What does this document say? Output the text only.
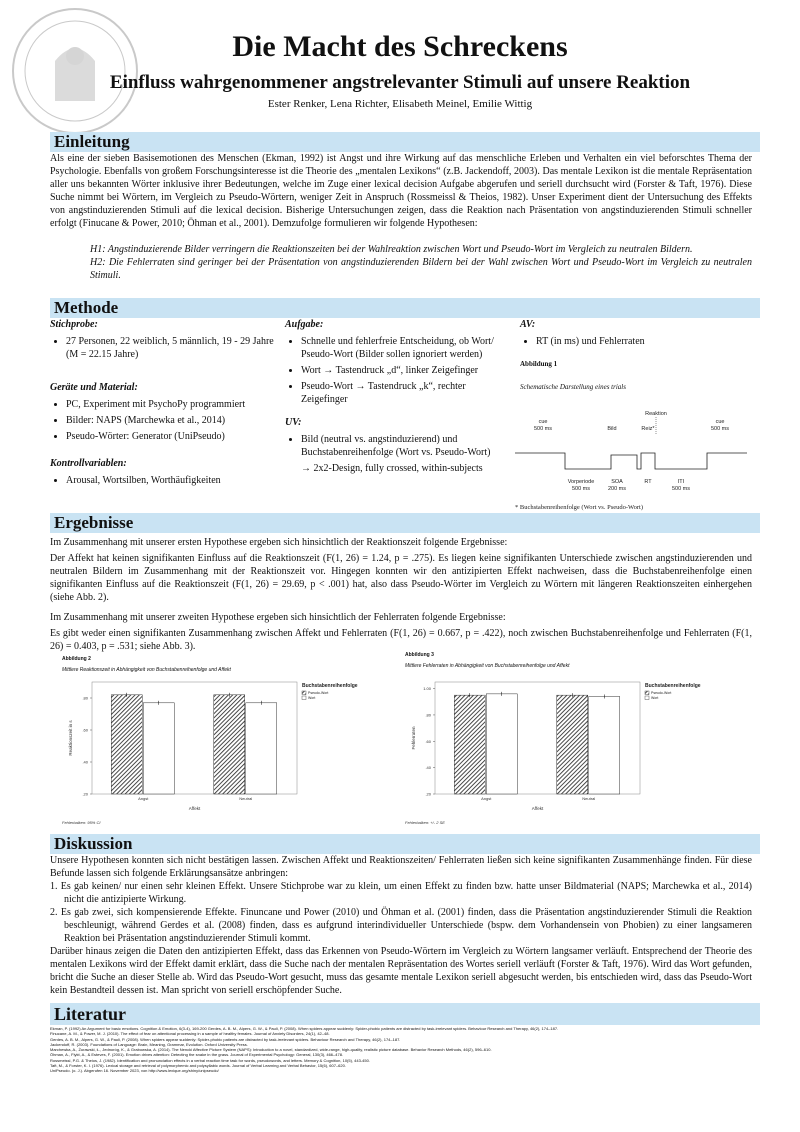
Die Macht des Schreckens
Einfluss wahrgenommener angstrelevanter Stimuli auf unsere Reaktion
Ester Renker, Lena Richter, Elisabeth Meinel, Emilie Wittig
Einleitung
Als eine der sieben Basisemotionen des Menschen (Ekman, 1992) ist Angst und ihre Wirkung auf das menschliche Erleben und Verhalten ein viel beforschtes Thema der Psychologie. Ebenfalls von großem Forschungsinteresse ist die Theorie des „mentalen Lexikons“ (z.B. Jackendoff, 2003). Das mentale Lexikon ist die mentale Repräsentation aller uns bekannten Wörter inklusive ihrer Bedeutungen, welche im Zuge einer lexical decision Aufgabe abgerufen und seriell durchsucht wird (Forster & Taft, 1976). Diese Suche nimmt bei Wörtern, im Vergleich zu Pseudo-Wörtern, weniger Zeit in Anspruch (Rossmeissl & Theios, 1982). Unser Experiment dient der Untersuchung des Effekts von angstinduzierenden Stimuli auf die lexical decision. Bisherige Untersuchungen zeigen, dass die Reaktion nach Präsentation von angstinduzierenden Stimuli schneller erfolgt (Finucane & Power, 2010; Öhman et al., 2001). Demzufolge formulieren wir folgende Hypothesen:
H1: Angstinduzierende Bilder verringern die Reaktionszeiten bei der Wahlreaktion zwischen Wort und Pseudo-Wort im Vergleich zu neutralen Bildern.
H2: Die Fehlerraten sind geringer bei der Präsentation von angstinduzierenden Bildern bei der Wahl zwischen Wort und Pseudo-Wort im Vergleich zu neutralen Stimuli.
Methode
Stichprobe:
• 27 Personen, 22 weiblich, 5 männlich, 19 - 29 Jahre (M = 22.15 Jahre)
Geräte und Material:
• PC, Experiment mit PsychoPy programmiert
• Bilder: NAPS (Marchewka et al., 2014)
• Pseudo-Wörter: Generator (UniPseudo)
Kontrollvariablen:
• Arousal, Wortsilben, Worthäufigkeiten
Aufgabe:
• Schnelle und fehlerfreie Entscheidung, ob Wort/ Pseudo-Wort (Bilder sollen ignoriert werden)
• Wort → Tastendruck „d“, linker Zeigefinger
• Pseudo-Wort → Tastendruck „k“, rechter Zeigefinger
UV:
• Bild (neutral vs. angstinduzierend) und Buchstabenreihenfolge (Wort vs. Pseudo-Wort)
→ 2x2-Design, fully crossed, within-subjects
AV:
• RT (in ms) und Fehlerraten
Abbildung 1
Schematische Darstellung eines trials
cue
500 ms	Bild	Reiz*
Reaktion
cue
500 ms
Vorperiode
500 ms
SOA
200 ms
RT	ITI
500 ms
* Buchstabenreihenfolge (Wort vs. Pseudo-Wort)
Ergebnisse
Im Zusammenhang mit unserer ersten Hypothese ergeben sich hinsichtlich der Reaktionszeit folgende Ergebnisse:
Der Affekt hat keinen signifikanten Einfluss auf die Reaktionszeit (F(1, 26) = 1.24, p = .275). Es liegen keine signifikanten Unterschiede zwischen angstinduzierenden und neutralen Bildern im Zusammenhang mit der Reaktionszeit vor. Hingegen konnten wir den antizipierten Effekt nachweisen, dass die Buchstabenreihenfolge einen signifikanten Einfluss auf die Reaktionszeit (F(1, 26) = 29.69, p < .001) hat, also dass Pseudo-Wörter im Vergleich zu Wörtern mit längeren Reaktionszeiten einhergehen (siehe Abb. 2).
Im Zusammenhang mit unserer zweiten Hypothese ergeben sich hinsichtlich der Fehlerraten folgende Ergebnisse:
Es gibt weder einen signifikanten Zusammenhang zwischen Affekt und Fehlerraten (F(1, 26) = 0.667, p = .422), noch zwischen Buchstabenreihenfolge und Fehlerraten (F(1, 26) = 0.403, p = .531; siehe Abb. 3).
Abbildung 2
Mittlere Reaktionszeit in Abhängigkeit von Buchstabenreihenfolge und Affekt
.20
.40
.60
.80
Angst	Neutral
Affekt
Reaktionszeit in s
Buchstabenreihenfolge
Pseudo-Wort
Wort
Fehlerbalken: 95% CI
Abbildung 3
Mittlere Fehlerraten in Abhängigkeit von Buchstabenreihenfolge und Affekt
.20
.40
.60
.80
1.00
Angst	Neutral
Affekt
Fehlerraten
Buchstabenreihenfolge
Pseudo-Wort
Wort
Fehlerbalken: +/- 2 SE
Diskussion
Unsere Hypothesen konnten sich nicht bestätigen lassen. Zwischen Affekt und Reaktionszeiten/ Fehlerraten ließen sich keine signifikanten Zusammenhänge finden. Für diese Befunde lassen sich folgende Erklärungsansätze anbringen:
1. Es gab keinen/ nur einen sehr kleinen Effekt. Unsere Stichprobe war zu klein, um einen Effekt zu finden bzw. hatte unser Bildmaterial (NAPS; Marchewka et al., 2014) nicht die antizipierte Wirkung.
2. Es gab zwei, sich kompensierende Effekte. Finuncane und Power (2010) und Öhman et al. (2001) finden, dass die Präsentation angstinduzierender Stimuli die Reaktion beschleunigt, während Gerdes et al. (2008) finden, dass es aufgrund interindividueller Unterschiede (bspw. dem Vorhandensein von Phobien) zu einer langsameren Reaktion bei Präsentation angstinduzierender Stimuli kommt.
Darüber hinaus zeigen die Daten den antizipierten Effekt, dass das Erkennen von Pseudo-Wörtern im Vergleich zu Wörtern langsamer verläuft. Entsprechend der Theorie des mentalen Lexikons wird der Effekt damit erklärt, dass die Suche nach der mentalen Repräsentation des Wortes seriell verläuft (Forster & Taft, 1976). Wird das Wort gefunden, bricht die Suche an dieser Stelle ab. Wird das Pseudo-Wort gesucht, muss das gesamte mentale Lexikon seriell abgesucht werden, bis entschieden wird, dass das Pseudo-Wort kein Bestandteil dessen ist. Man spricht von seriell erschöpfender Suche.
Literatur
Ekman, P. (1992) An Argument for basic emotions. Cognition & Emotion, 6(3-4), 169-200 Gerdes, A. B. M., Alpers, G. W., & Pauli, P. (2008). When spiders appear suddenly: Spider-phobic patients are distracted by task-irrelevant spiders. Behaviour Research and Therapy, 46(2), 174–187.
Finucane, A. M., & Power, M. J. (2010). The effect of fear on attentional processing in a sample of healthy females. Journal of Anxiety Disorders, 24(1), 42–48.
Gerdes, A. B. M., Alpers, G. W., & Pauli, P. (2008). When spiders appear suddenly: Spider-phobic patients are distracted by task-irrelevant spiders. Behaviour Research and Therapy, 46(2), 174–187.
Jackendoff, R. (2003). Foundations of Language: Brain, Meaning, Grammar, Evolution. Oxford University Press.
Marchewka, A., Żurawski, Ł., Jednoróg, K., & Grabowska, A. (2014). The Nencki Affective Picture System (NAPS): Introduction to a novel, standardized, wide-range, high-quality, realistic picture database. Behavior Research Methods, 46(2), 596–610.
Öhman, A., Flykt, A., & Esteves, F. (2001). Emotion drives attention: Detecting the snake in the grass. Journal of Experimental Psychology: General, 130(3), 466–478.
Rossmeissl, P.G. & Theios, J. (1982). Identification and pronunciation effects in a verbal reaction time task for words, pseudowords, and letters. Memory & Cognition, 10(5), 443-450.
Taft, M., & Forster, K. I. (1976). Lexical storage and retrieval of polymorphemic and polysyllabic words. Journal of Verbal Learning and Verbal Behavior, 15(6), 607–620.
UniPseudo. (o. J.). Abgerufen 16. November 2023, von http://www.lexique.org/shiny/unipseudo/
